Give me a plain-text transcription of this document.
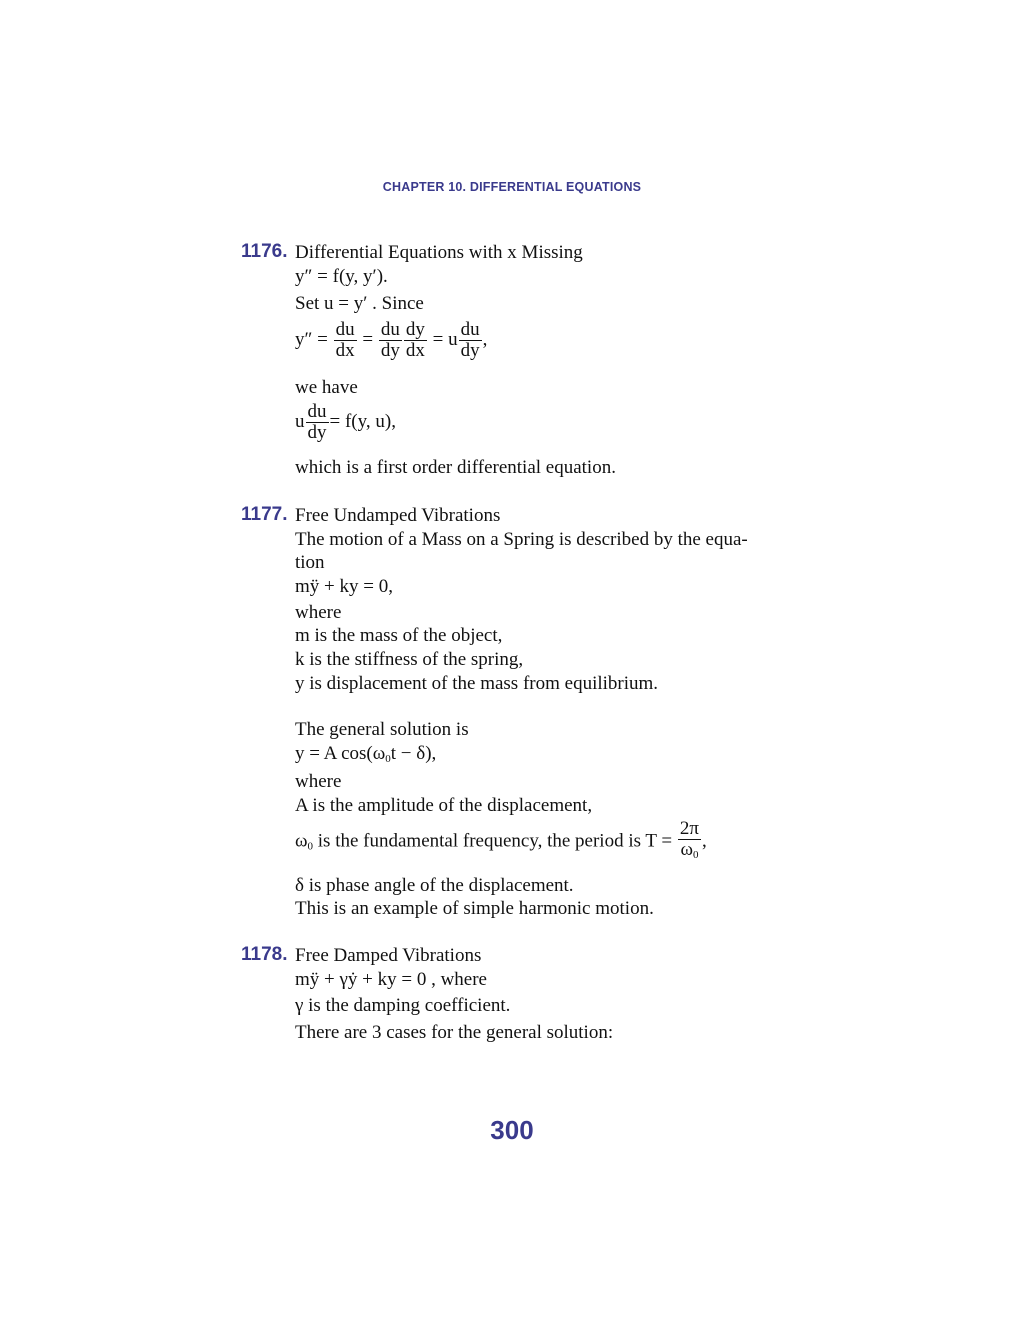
CHAPTER 10. DIFFERENTIAL EQUATIONS
1176. Differential Equations with x Missing
y″ = f(y, y′).
Set u = y′ . Since
$y'' = \frac{du}{dx} = \frac{du}{dy} \frac{dy}{dx} = u \frac{du}{dy}$ ,
we have
u $\frac{du}{dy} = f(y$, u),
which is a first order differential equation.
1177. Free Undamped Vibrations
The motion of a Mass on a Spring is described by the equa-
tion
mÿ + ky = 0,
where
m is the mass of the object,
k is the stiffness of the spring,
y is displacement of the mass from equilibrium.
The general solution is
y = A $\cos(\omega_0t - \delta)$,
where
A is the amplitude of the displacement,
$\omega_0$ is the fundamental frequency, the period is $T = \frac{2\pi}{\omega_0}$ ,
δ is phase angle of the displacement.
This is an example of simple harmonic motion.
1178. Free Damped Vibrations
mÿ + γẏ + ky = 0 , where
γ is the damping coefficient.
There are 3 cases for the general solution:
300
